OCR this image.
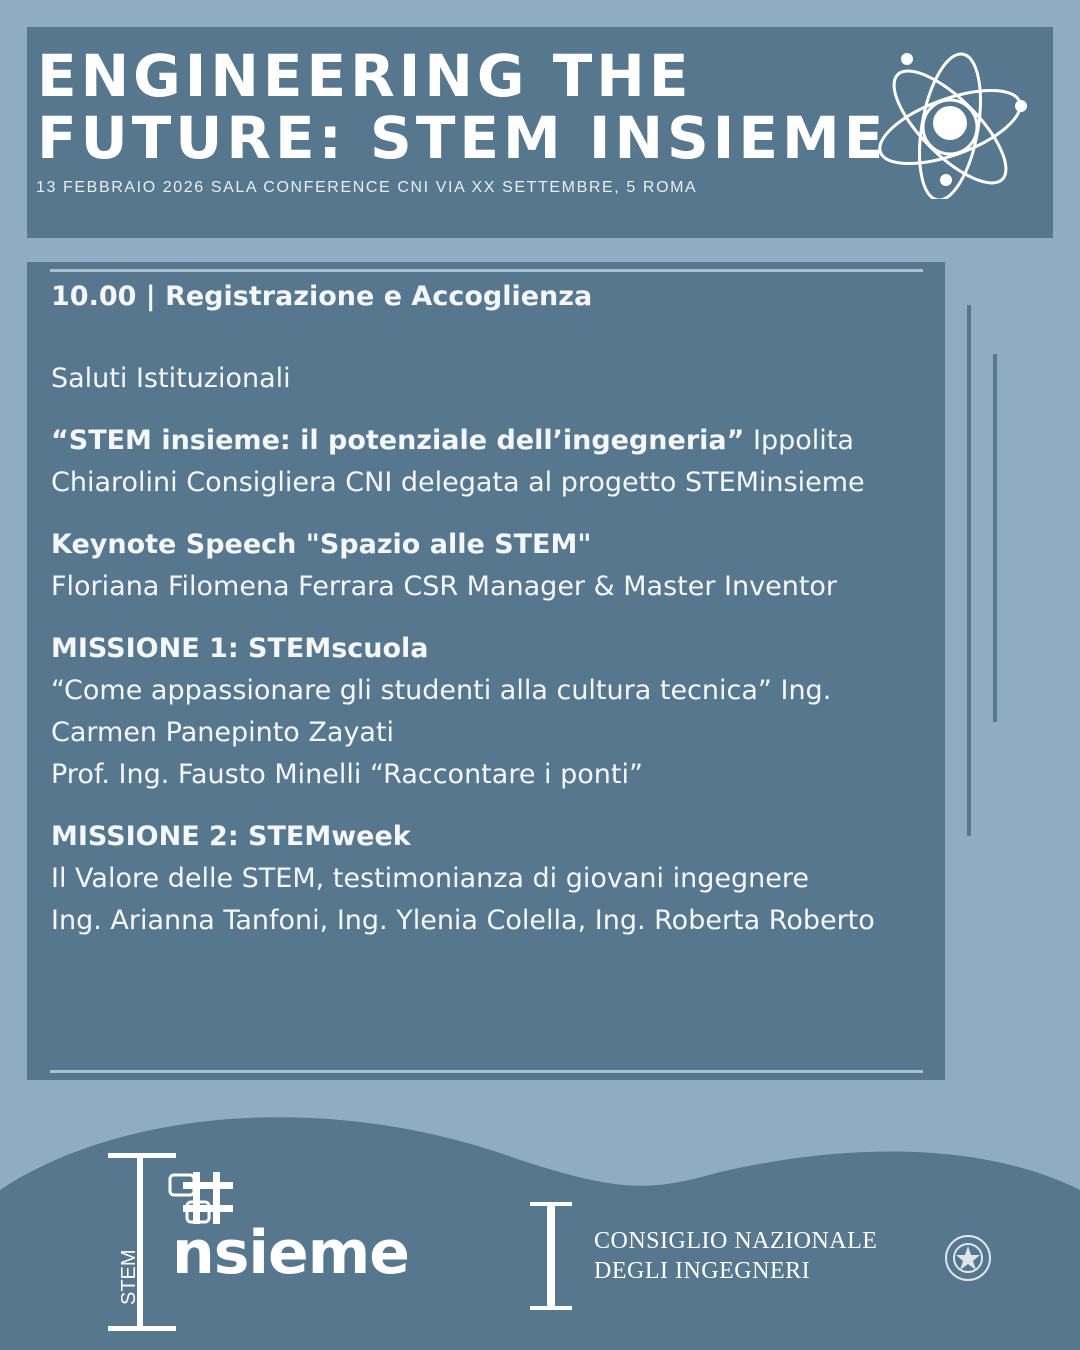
ENGINEERING THE
FUTURE: STEM INSIEME
13 FEBBRAIO 2026 SALA CONFERENCE CNI VIA XX SETTEMBRE, 5 ROMA

10.00 | Registrazione e Accoglienza

Saluti Istituzionali

“STEM insieme: il potenziale dell’ingegneria” Ippolita Chiarolini Consigliera CNI delegata al progetto STEMinsieme

Keynote Speech "Spazio alle STEM"

Floriana Filomena Ferrara CSR Manager & Master Inventor

MISSIONE 1: STEMscuola

“Come appassionare gli studenti alla cultura tecnica” Ing. Carmen Panepinto Zayati

Prof. Ing. Fausto Minelli “Raccontare i ponti”

MISSIONE 2: STEMweek

Il Valore delle STEM, testimonianza di giovani ingegnere

Ing. Arianna Tanfoni, Ing. Ylenia Colella, Ing. Roberta Roberto

nsieme
STEM
CONSIGLIO NAZIONALE
DEGLI INGEGNERI
